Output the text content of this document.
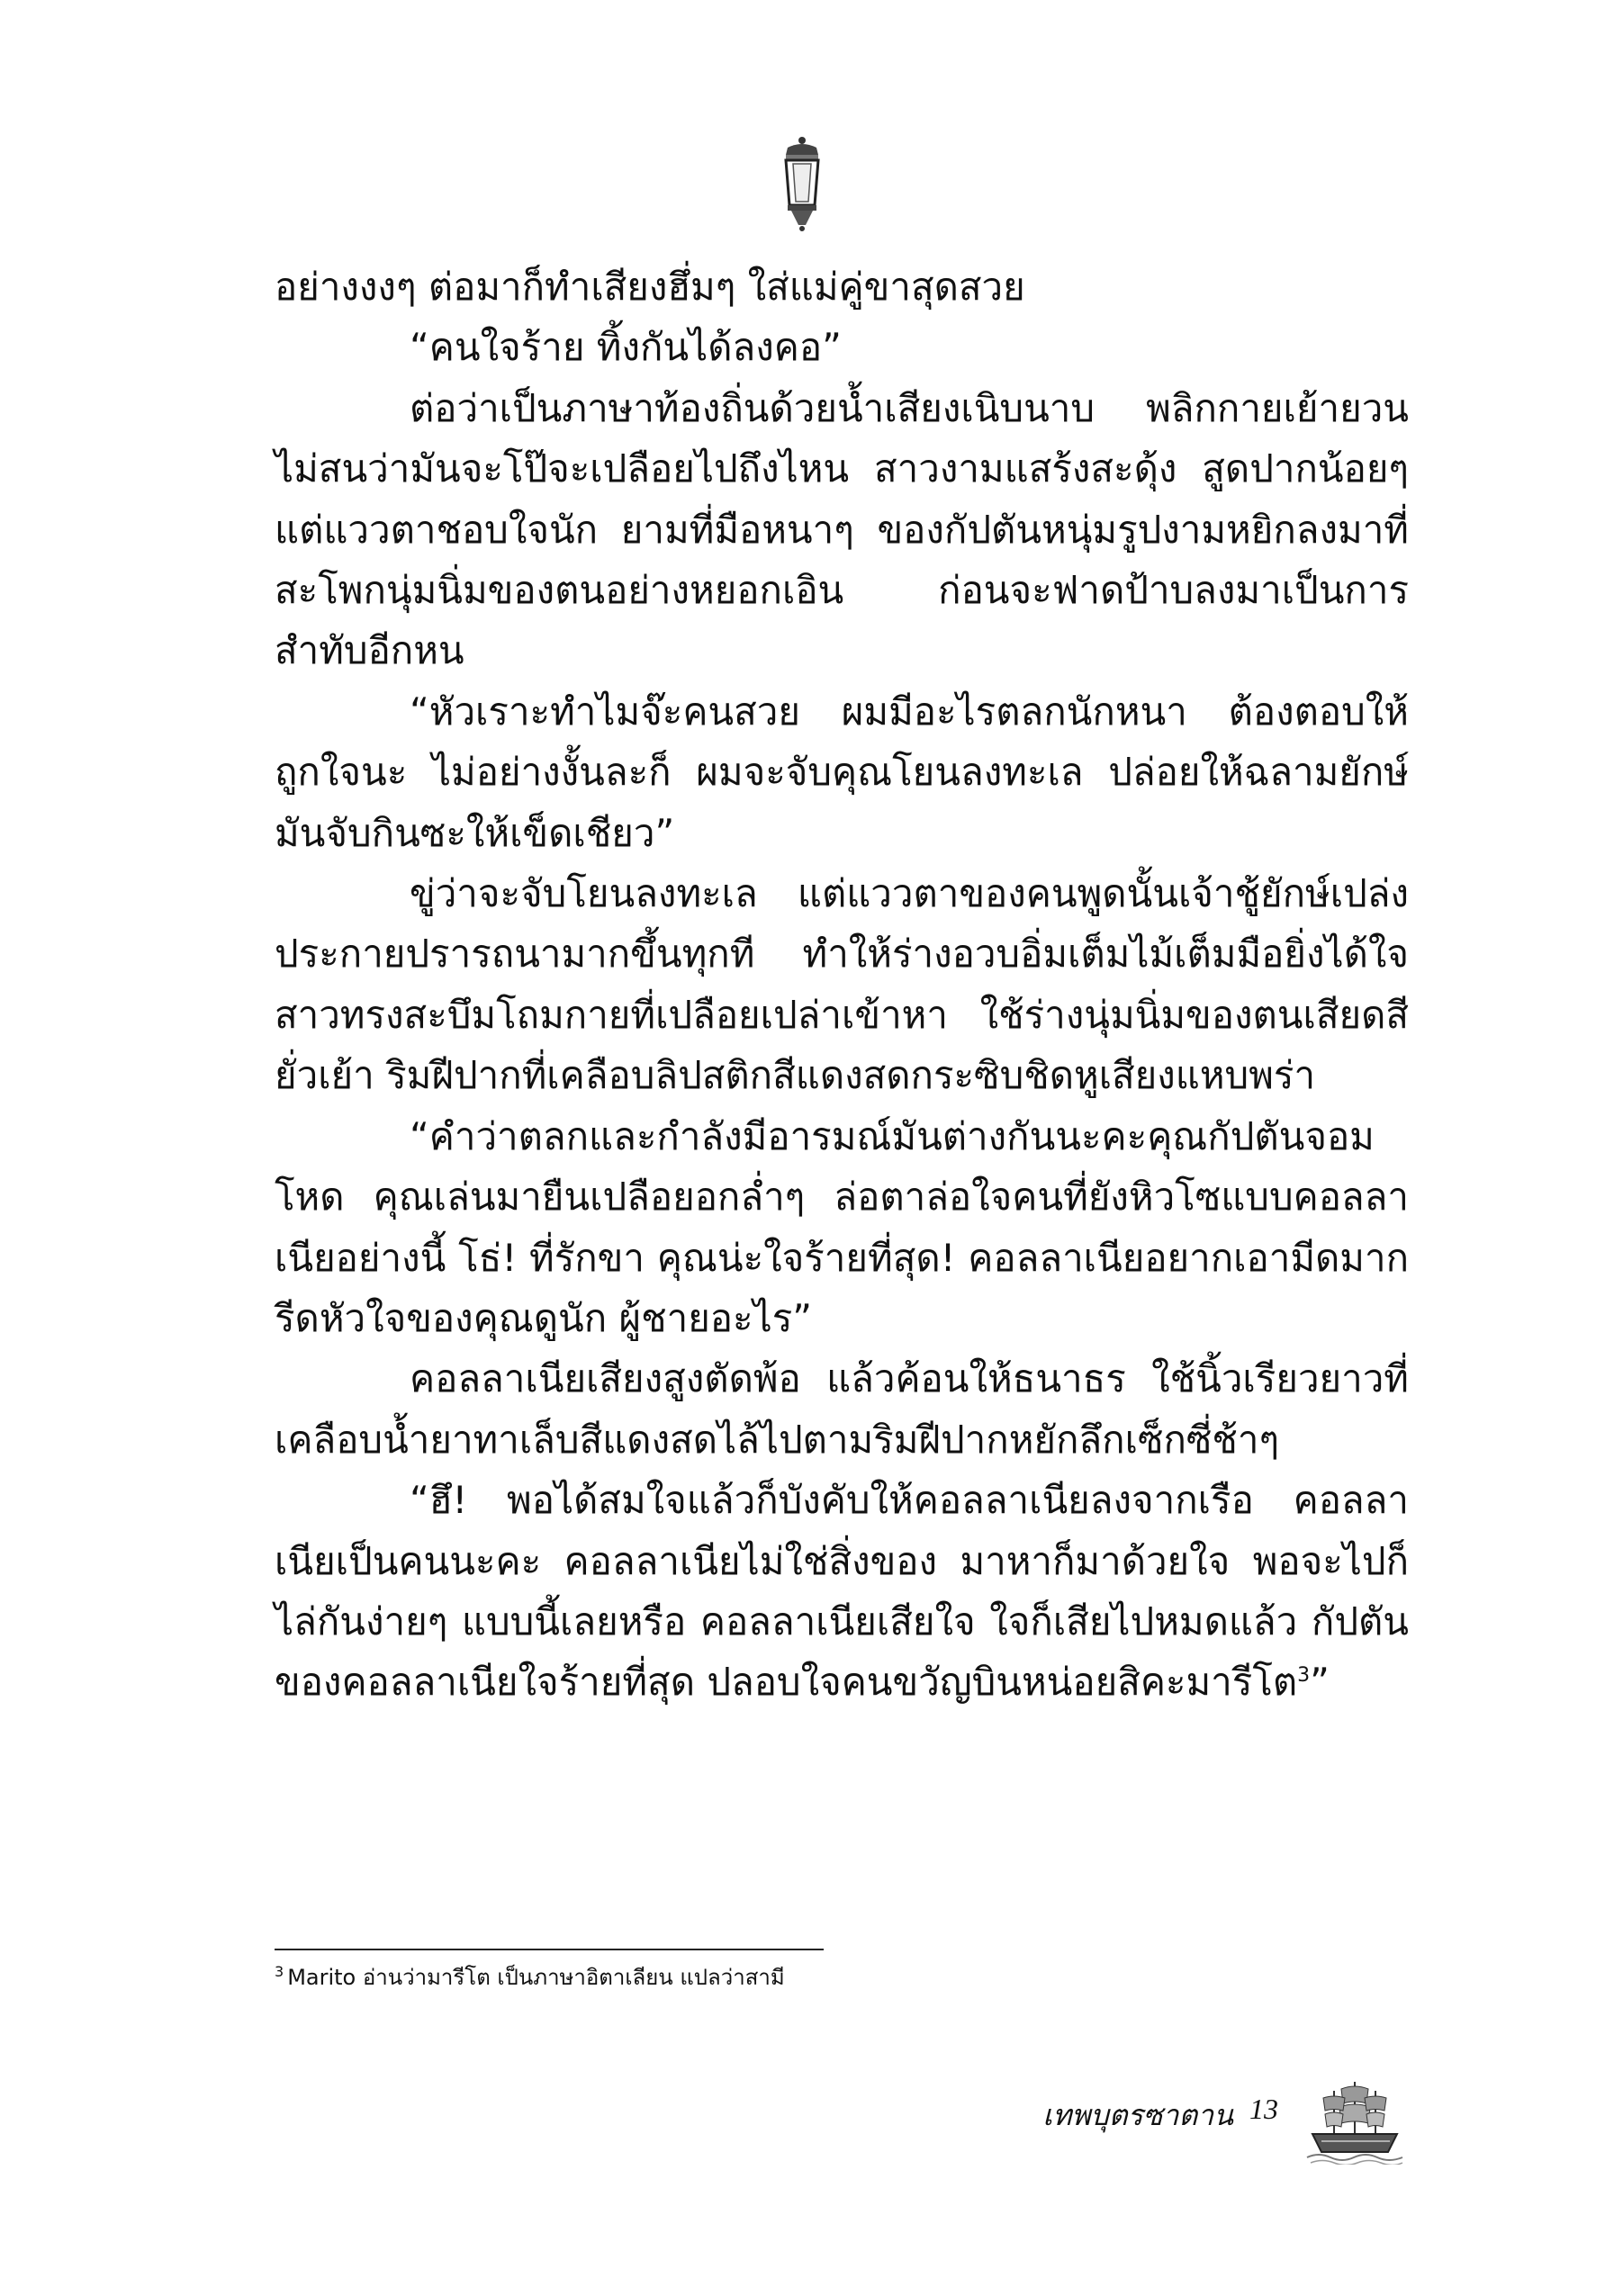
อย่างงงๆ ต่อมาก็ทำเสียงฮึ่มๆ ใส่แม่คู่ขาสุดสวย

“คนใจร้าย ทิ้งกันได้ลงคอ”

ต่อว่าเป็นภาษาท้องถิ่นด้วยน้ำเสียงเนิบนาบ พลิกกายเย้ายวนไม่สนว่ามันจะโป๊จะเปลือยไปถึงไหน สาวงามแสร้งสะดุ้ง สูดปากน้อยๆ แต่แววตาชอบใจนัก ยามที่มือหนาๆ ของกัปตันหนุ่มรูปงามหยิกลงมาที่สะโพกนุ่มนิ่มของตนอย่างหยอกเอิน ก่อนจะฟาดป้าบลงมาเป็นการสำทับอีกหน

“หัวเราะทำไมจ๊ะคนสวย ผมมีอะไรตลกนักหนา ต้องตอบให้ถูกใจนะ ไม่อย่างงั้นละก็ ผมจะจับคุณโยนลงทะเล ปล่อยให้ฉลามยักษ์มันจับกินซะให้เข็ดเชียว”

ขู่ว่าจะจับโยนลงทะเล แต่แววตาของคนพูดนั้นเจ้าชู้ยักษ์เปล่งประกายปรารถนามากขึ้นทุกที ทำให้ร่างอวบอิ่มเต็มไม้เต็มมือยิ่งได้ใจ สาวทรงสะบึมโถมกายที่เปลือยเปล่าเข้าหา ใช้ร่างนุ่มนิ่มของตนเสียดสียั่วเย้า ริมฝีปากที่เคลือบลิปสติกสีแดงสดกระซิบชิดหูเสียงแหบพร่า

“คำว่าตลกและกำลังมีอารมณ์มันต่างกันนะคะคุณกัปตันจอมโหด คุณเล่นมายืนเปลือยอกล่ำๆ ล่อตาล่อใจคนที่ยังหิวโซแบบคอลลาเนียอย่างนี้ โธ่! ที่รักขา คุณน่ะใจร้ายที่สุด! คอลลาเนียอยากเอามีดมากรีดหัวใจของคุณดูนัก ผู้ชายอะไร”

คอลลาเนียเสียงสูงตัดพ้อ แล้วค้อนให้ธนาธร ใช้นิ้วเรียวยาวที่เคลือบน้ำยาทาเล็บสีแดงสดไล้ไปตามริมฝีปากหยักลึกเซ็กซี่ช้าๆ

“ฮึ! พอได้สมใจแล้วก็บังคับให้คอลลาเนียลงจากเรือ คอลลาเนียเป็นคนนะคะ คอลลาเนียไม่ใช่สิ่งของ มาหาก็มาด้วยใจ พอจะไปก็ไล่กันง่ายๆ แบบนี้เลยหรือ คอลลาเนียเสียใจ ใจก็เสียไปหมดแล้ว กัปตันของคอลลาเนียใจร้ายที่สุด ปลอบใจคนขวัญบินหน่อยสิคะมารีโต$^3$”

$^3$ Marito อ่านว่ามารีโต เป็นภาษาอิตาเลียน แปลว่าสามี
เทพบุตรซาตาน 13
